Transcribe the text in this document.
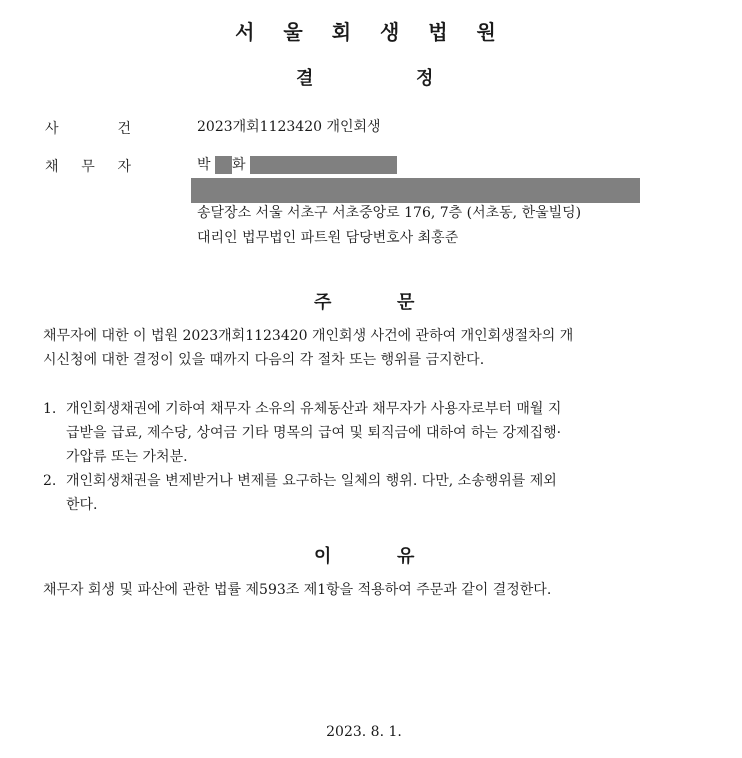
서 울 회 생 법 원
결	정
사	건	2023개회1123420 개인회생
채 무 자	박 화
송달장소 서울 서초구 서초중앙로 176, 7층 (서초동, 한울빌딩)
대리인 법무법인 파트원 담당변호사 최홍준
주	문
채무자에 대한 이 법원 2023개회1123420 개인회생 사건에 관하여 개인회생절차의 개
시신청에 대한 결정이 있을 때까지 다음의 각 절차 또는 행위를 금지한다.
1. 개인회생채권에 기하여 채무자 소유의 유체동산과 채무자가 사용자로부터 매월 지
급받을 급료, 제수당, 상여금 기타 명목의 급여 및 퇴직금에 대하여 하는 강제집행·
가압류 또는 가처분.
2. 개인회생채권을 변제받거나 변제를 요구하는 일체의 행위. 다만, 소송행위를 제외
한다.
이	유
채무자 회생 및 파산에 관한 법률 제593조 제1항을 적용하여 주문과 같이 결정한다.
2023. 8. 1.
